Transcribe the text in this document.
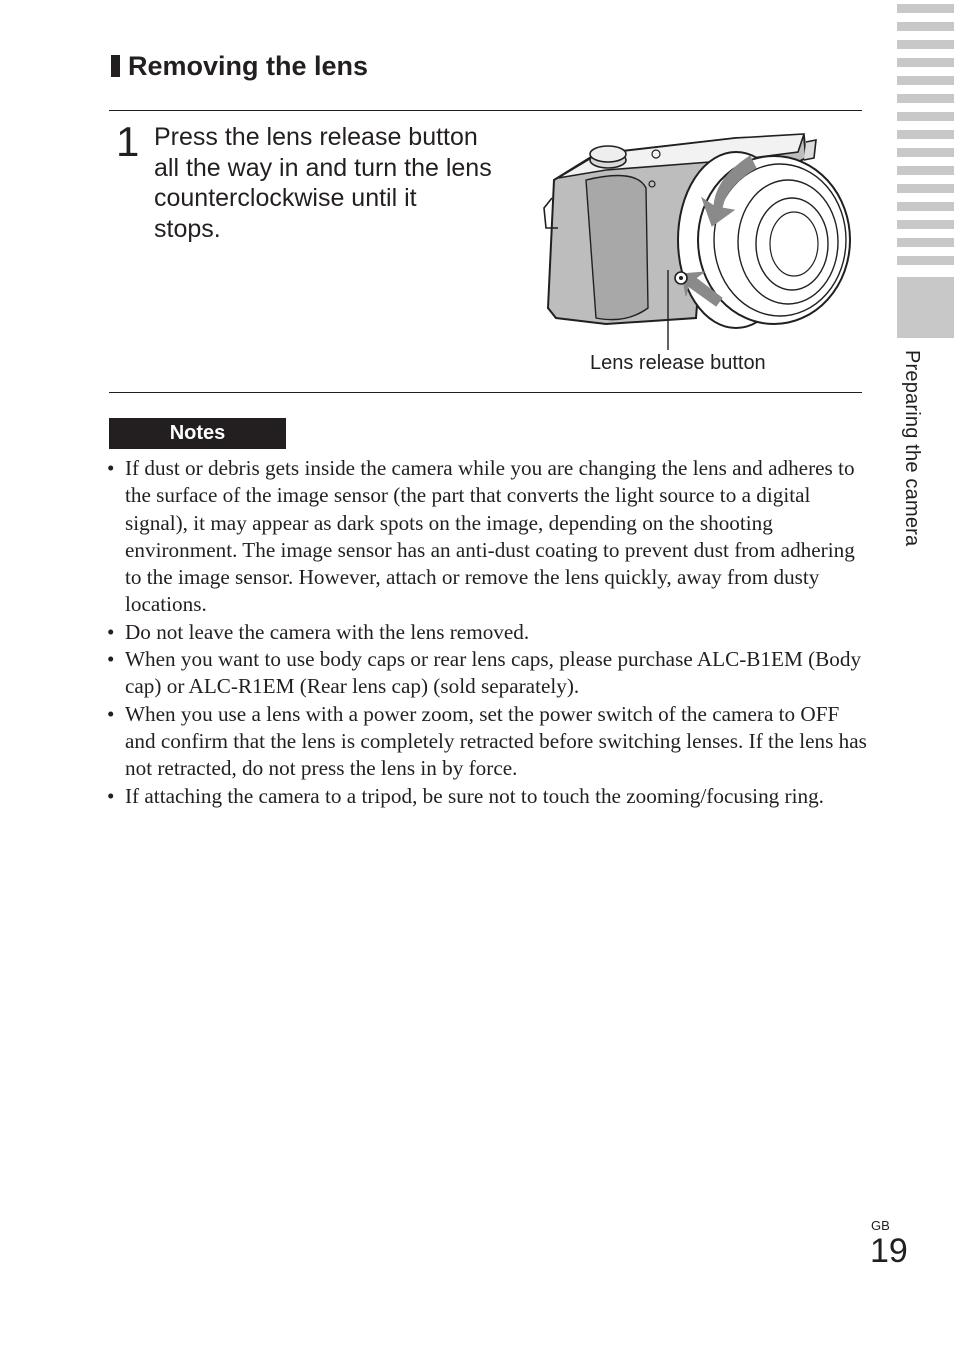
Removing the lens
1 Press the lens release button
all the way in and turn the lens
counterclockwise until it
stops.
Lens release button
Notes
• If dust or debris gets inside the camera while you are changing the lens and adheres to the surface of the image sensor (the part that converts the light source to a digital signal), it may appear as dark spots on the image, depending on the shooting environment. The image sensor has an anti-dust coating to prevent dust from adhering to the image sensor. However, attach or remove the lens quickly, away from dusty locations.
• Do not leave the camera with the lens removed.
• When you want to use body caps or rear lens caps, please purchase ALC-B1EM (Body cap) or ALC-R1EM (Rear lens cap) (sold separately).
• When you use a lens with a power zoom, set the power switch of the camera to OFF and confirm that the lens is completely retracted before switching lenses. If the lens has not retracted, do not press the lens in by force.
• If attaching the camera to a tripod, be sure not to touch the zooming/focusing ring.
Preparing the camera
GB
19
